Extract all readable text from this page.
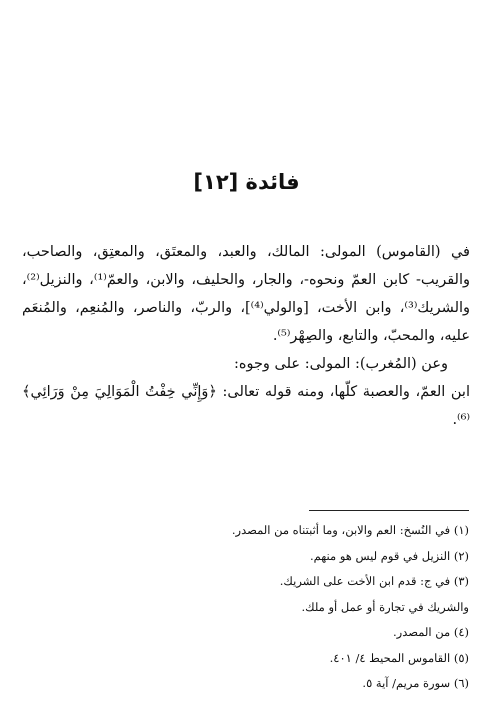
فائدة [١٢]

في (القاموس) المولى: المالك، والعبد، والمعتَق، والمعتِق، والصاحب، والقريب- كابن العمّ ونحوه-، والجار، والحليف، والابن، والعمّ⁽¹⁾، والنزيل⁽²⁾، والشريك⁽³⁾، وابن الأخت، [والولي⁽⁴⁾]، والربّ، والناصر، والمُنعِم، والمُنعَم عليه، والمحبّ، والتابع، والصِهْر⁽⁵⁾.

وعن (المُغرب): المولى: على وجوه:

ابن العمّ، والعصبة كلّها، ومنه قوله تعالى: ﴿وَإِنِّي خِفْتُ الْمَوَالِيَ مِنْ وَرَائِي﴾⁽⁶⁾.

(١) في النُسخ: العم والابن، وما أثبتناه من المصدر.
(٢) النزيل في قوم ليس هو منهم.
(٣) في ج: قدم ابن الأخت على الشريك.
والشريك في تجارة أو عمل أو ملك.
(٤) من المصدر.
(٥) القاموس المحيط ٤/ ٤٠١.
(٦) سورة مريم/ آية ٥.
